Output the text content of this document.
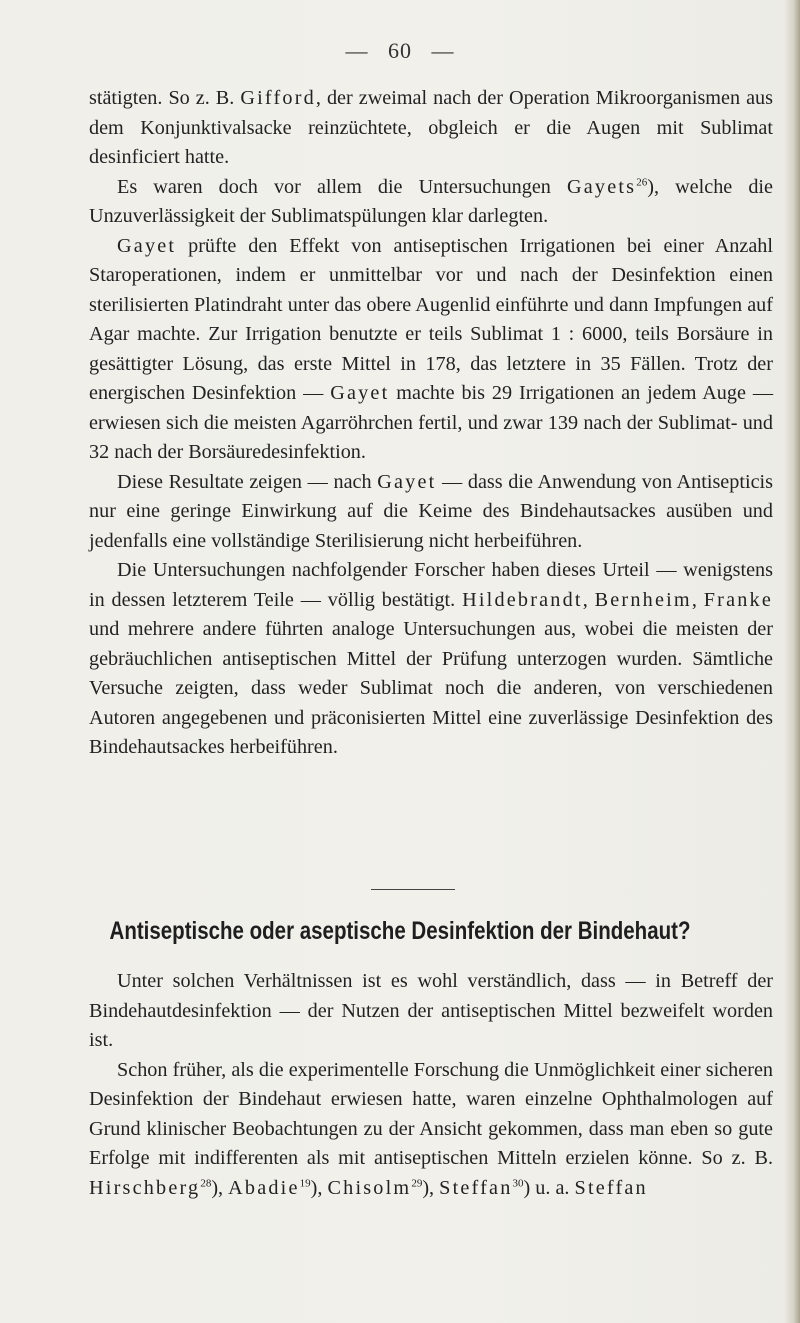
— 60 —

stätigten. So z. B. Gifford, der zweimal nach der Operation Mikroorganismen aus dem Konjunktivalsacke reinzüchtete, obgleich er die Augen mit Sublimat desinficiert hatte.

Es waren doch vor allem die Untersuchungen Gayets$^{26}$), welche die Unzuverlässigkeit der Sublimatspülungen klar darlegten.

Gayet prüfte den Effekt von antiseptischen Irrigationen bei einer Anzahl Staroperationen, indem er unmittelbar vor und nach der Desinfektion einen sterilisierten Platindraht unter das obere Augenlid einführte und dann Impfungen auf Agar machte. Zur Irrigation benutzte er teils Sublimat 1 : 6000, teils Borsäure in gesättigter Lösung, das erste Mittel in 178, das letztere in 35 Fällen. Trotz der energischen Desinfektion — Gayet machte bis 29 Irrigationen an jedem Auge — erwiesen sich die meisten Agarröhrchen fertil, und zwar 139 nach der Sublimat- und 32 nach der Borsäuredesinfektion.

Diese Resultate zeigen — nach Gayet — dass die Anwendung von Antisepticis nur eine geringe Einwirkung auf die Keime des Bindehautsackes ausüben und jedenfalls eine vollständige Sterilisierung nicht herbeiführen.

Die Untersuchungen nachfolgender Forscher haben dieses Urteil — wenigstens in dessen letzterem Teile — völlig bestätigt. Hildebrandt, Bernheim, Franke und mehrere andere führten analoge Untersuchungen aus, wobei die meisten der gebräuchlichen antiseptischen Mittel der Prüfung unterzogen wurden. Sämtliche Versuche zeigten, dass weder Sublimat noch die anderen, von verschiedenen Autoren angegebenen und präconisierten Mittel eine zuverlässige Desinfektion des Bindehautsackes herbeiführen.

Antiseptische oder aseptische Desinfektion der Bindehaut?

Unter solchen Verhältnissen ist es wohl verständlich, dass — in Betreff der Bindehautdesinfektion — der Nutzen der antiseptischen Mittel bezweifelt worden ist.

Schon früher, als die experimentelle Forschung die Unmöglichkeit einer sicheren Desinfektion der Bindehaut erwiesen hatte, waren einzelne Ophthalmologen auf Grund klinischer Beobachtungen zu der Ansicht gekommen, dass man eben so gute Erfolge mit indifferenten als mit antiseptischen Mitteln erzielen könne. So z. B. Hirschberg$^{28}$), Abadie$^{19}$), Chisolm$^{29}$), Steffan$^{30}$) u. a. Steffan
